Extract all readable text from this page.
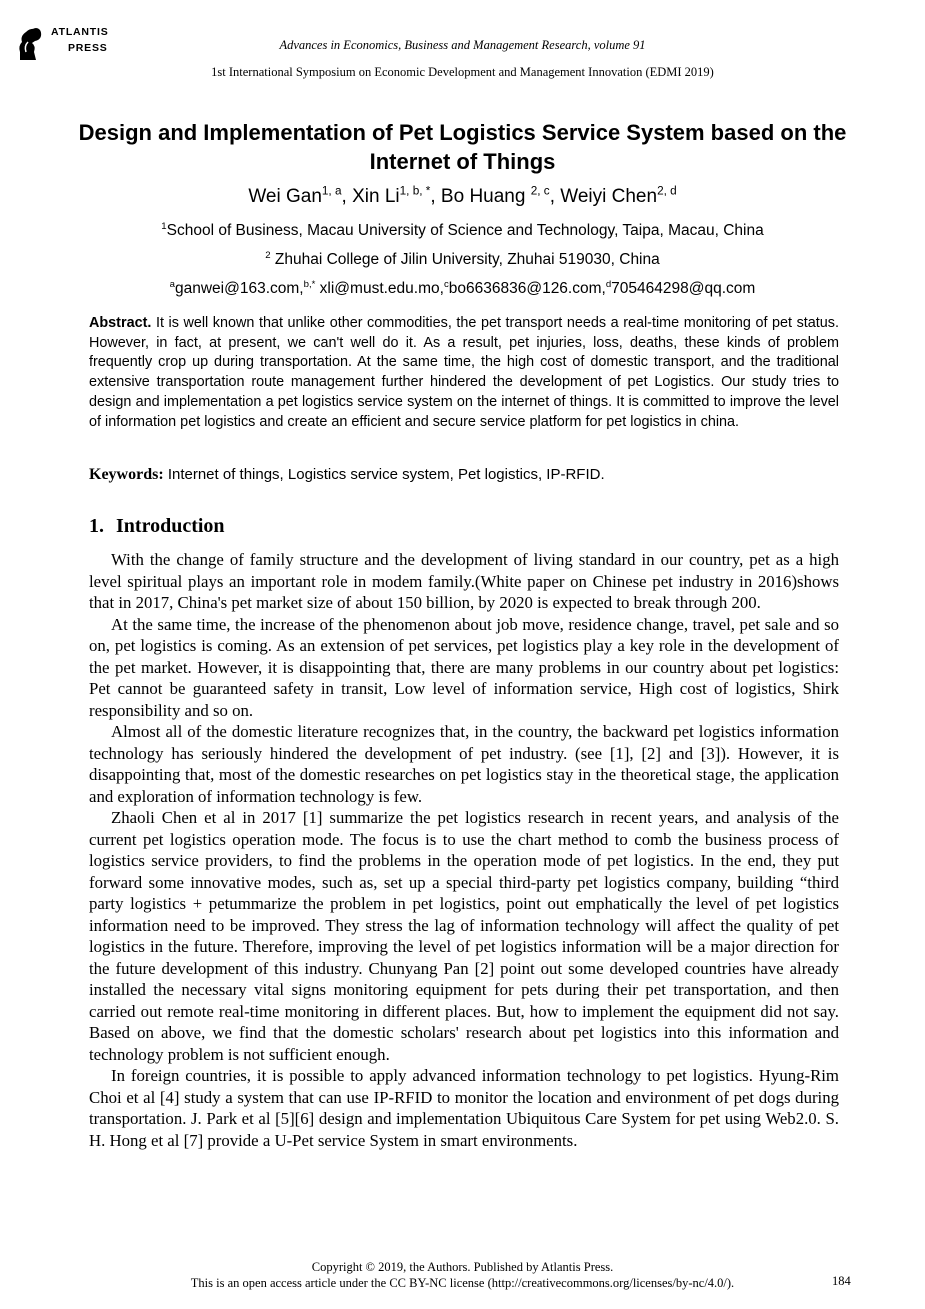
ATLANTIS
PRESS	Advances in Economics, Business and Management Research, volume 91
1st International Symposium on Economic Development and Management Innovation (EDMI 2019)
Design and Implementation of Pet Logistics Service System based on the Internet of Things
Wei Gan$^{1, a}$, Xin $Li^{1, b, *}$, Bo Huang $^{2, c}$, Weiyi Chen$^{2, d}$
$^1$School of Business, Macau University of Science and Technology, Taipa, Macau, China
$^2$ Zhuhai College of Jilin University, Zhuhai 519030, China
$^a$ganwei@163.com,$^{b,*}$ xli@must.edu.mo,$^c$bo6636836@126.com,$^d$705464298@qq.com
Abstract. It is well known that unlike other commodities, the pet transport needs a real-time monitoring of pet status. However, in fact, at present, we can't well do it. As a result, pet injuries, loss, deaths, these kinds of problem frequently crop up during transportation. At the same time, the high cost of domestic transport, and the traditional extensive transportation route management further hindered the development of pet Logistics. Our study tries to design and implementation a pet logistics service system on the internet of things. It is committed to improve the level of information pet logistics and create an efficient and secure service platform for pet logistics in china.
Keywords: Internet of things, Logistics service system, Pet logistics, IP-RFID.
1. Introduction

With the change of family structure and the development of living standard in our country, pet as a high level spiritual plays an important role in modem family.(White paper on Chinese pet industry in 2016)shows that in 2017, China's pet market size of about 150 billion, by 2020 is expected to break through 200.

At the same time, the increase of the phenomenon about job move, residence change, travel, pet sale and so on, pet logistics is coming. As an extension of pet services, pet logistics play a key role in the development of the pet market. However, it is disappointing that, there are many problems in our country about pet logistics: Pet cannot be guaranteed safety in transit, Low level of information service, High cost of logistics, Shirk responsibility and so on.

Almost all of the domestic literature recognizes that, in the country, the backward pet logistics information technology has seriously hindered the development of pet industry. (see [1], [2] and [3]). However, it is disappointing that, most of the domestic researches on pet logistics stay in the theoretical stage, the application and exploration of information technology is few.

Zhaoli Chen et al in 2017 [1] summarize the pet logistics research in recent years, and analysis of the current pet logistics operation mode. The focus is to use the chart method to comb the business process of logistics service providers, to find the problems in the operation mode of pet logistics. In the end, they put forward some innovative modes, such as, set up a special third-party pet logistics company, building “third party logistics + petummarize the problem in pet logistics, point out emphatically the level of pet logistics information need to be improved. They stress the lag of information technology will affect the quality of pet logistics in the future. Therefore, improving the level of pet logistics information will be a major direction for the future development of this industry. Chunyang Pan [2] point out some developed countries have already installed the necessary vital signs monitoring equipment for pets during their pet transportation, and then carried out remote real-time monitoring in different places. But, how to implement the equipment did not say. Based on above, we find that the domestic scholars' research about pet logistics into this information and technology problem is not sufficient enough.

In foreign countries, it is possible to apply advanced information technology to pet logistics. Hyung-Rim Choi et al [4] study a system that can use IP-RFID to monitor the location and environment of pet dogs during transportation. J. Park et al [5][6] design and implementation Ubiquitous Care System for pet using Web2.0. S. H. Hong et al [7] provide a U-Pet service System in smart environments.

Copyright © 2019, the Authors. Published by Atlantis Press.
This is an open access article under the CC BY-NC license (http://creativecommons.org/licenses/by-nc/4.0/).	184
